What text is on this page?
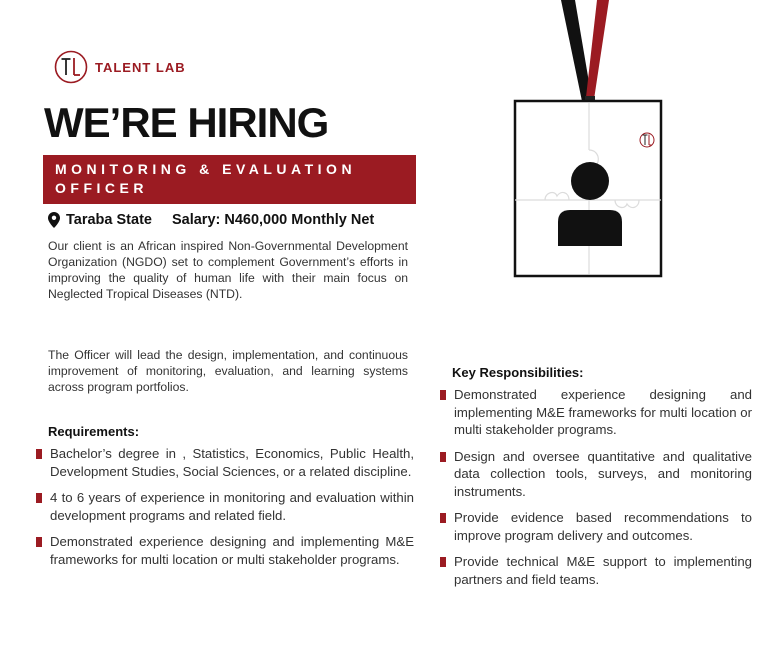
TALENT LAB
WE’RE HIRING
MONITORING & EVALUATION OFFICER
Taraba State Salary: N460,000 Monthly Net

Our client is an African inspired Non-Governmental Development Organization (NGDO) set to complement Government’s efforts in improving the quality of human life with their main focus on Neglected Tropical Diseases (NTD).

The Officer will lead the design, implementation, and continuous improvement of monitoring, evaluation, and learning systems across program portfolios.

Requirements:
Bachelor’s degree in , Statistics, Economics, Public Health, Development Studies, Social Sciences, or a related discipline.
4 to 6 years of experience in monitoring and evaluation within development programs and related field.
Demonstrated experience designing and implementing M&E frameworks for multi location or multi stakeholder programs.
Key Responsibilities:
Demonstrated experience designing and implementing M&E frameworks for multi location or multi stakeholder programs.
Design and oversee quantitative and qualitative data collection tools, surveys, and monitoring instruments.
Provide evidence based recommendations to improve program delivery and outcomes.
Provide technical M&E support to implementing partners and field teams.
